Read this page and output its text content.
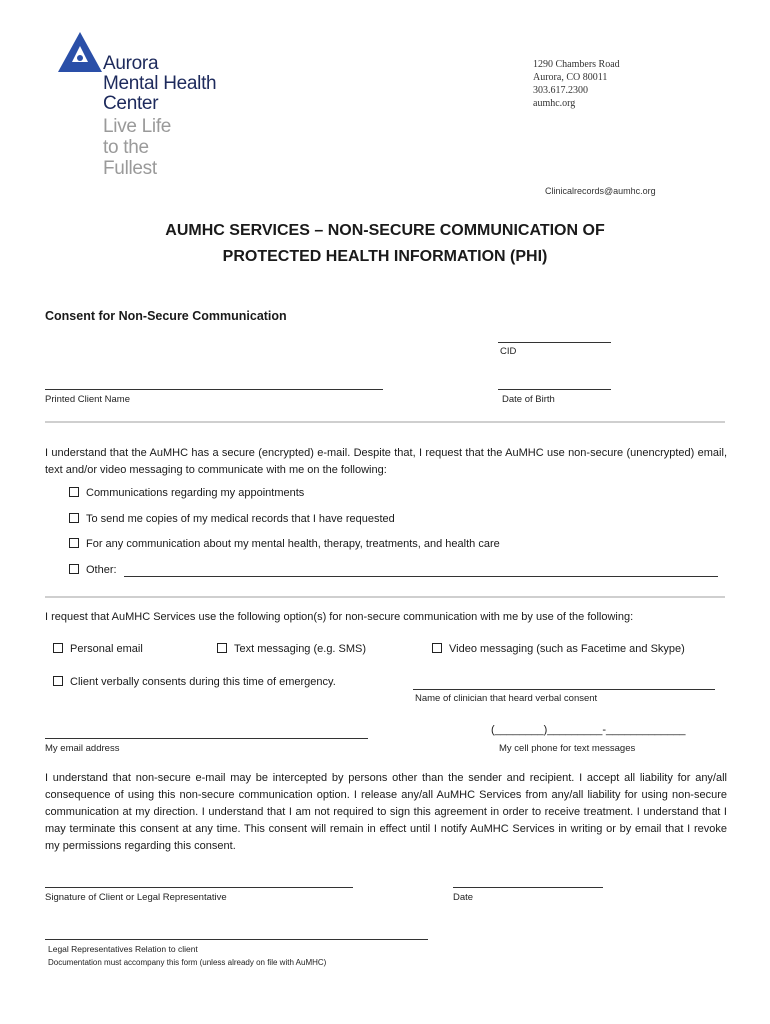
Aurora
Mental Health
Center
Live Life
to the
Fullest
1290 Chambers Road
Aurora, CO 80011
303.617.2300
aumhc.org
Clinicalrecords@aumhc.org
AUMHC SERVICES – NON-SECURE COMMUNICATION OF
PROTECTED HEALTH INFORMATION (PHI)
Consent for Non-Secure Communication
CID
Printed Client Name	Date of Birth
I understand that the AuMHC has a secure (encrypted) e-mail. Despite that, I request that the AuMHC use non-secure (unencrypted) email, text and/or video messaging to communicate with me on the following:
Communications regarding my appointments
To send me copies of my medical records that I have requested
For any communication about my mental health, therapy, treatments, and health care
Other:
I request that AuMHC Services use the following option(s) for non-secure communication with me by use of the following:
Personal email	Text messaging (e.g. SMS)	Video messaging (such as Facetime and Skype)
Client verbally consents during this time of emergency.
Name of clinician that heard verbal consent
My email address
(________)_________-_____________
My cell phone for text messages
I understand that non-secure e-mail may be intercepted by persons other than the sender and recipient. I accept all liability for any/all consequence of using this non-secure communication option. I release any/all AuMHC Services from any/all liability for using non-secure communication at my direction. I understand that I am not required to sign this agreement in order to receive treatment. I understand that I may terminate this consent at any time. This consent will remain in effect until I notify AuMHC Services in writing or by email that I revoke my permissions regarding this consent.
Signature of Client or Legal Representative	Date
Legal Representatives Relation to client
Documentation must accompany this form (unless already on file with AuMHC)
